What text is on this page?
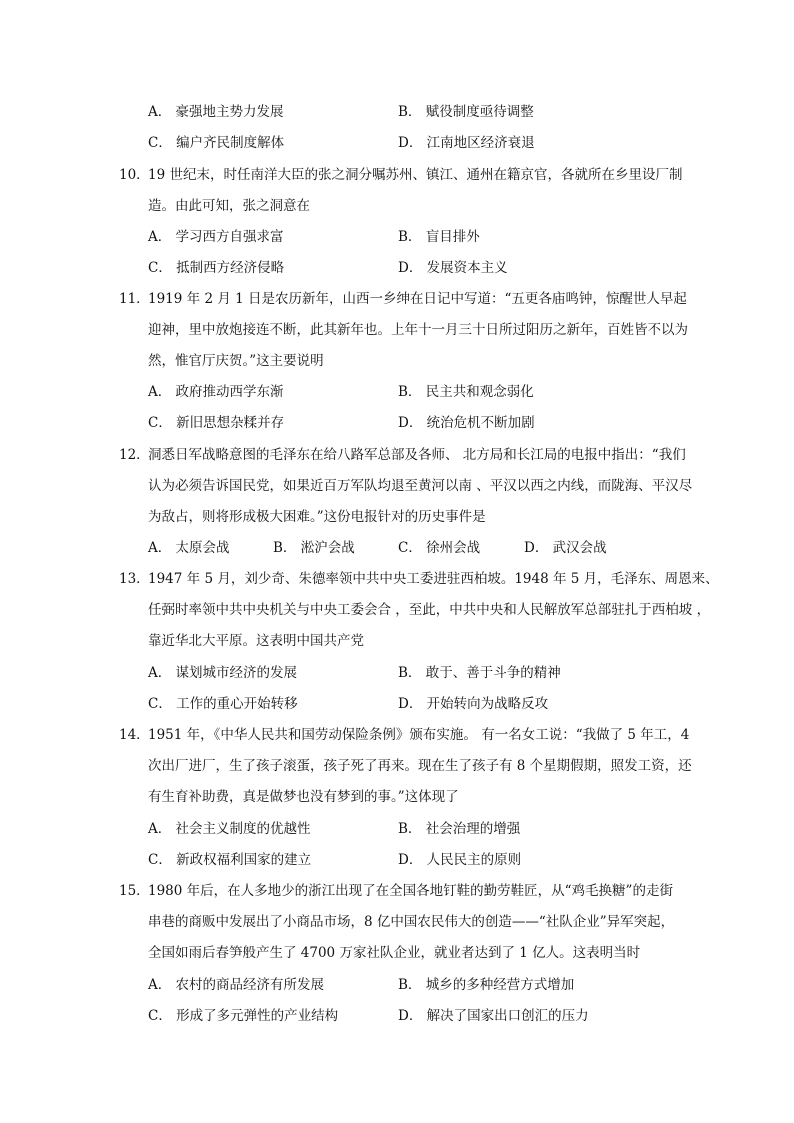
A． 豪强地主势力发展	B． 赋役制度亟待调整
C． 编户齐民制度解体	D． 江南地区经济衰退
10．
19 世纪末，时任南洋大臣的张之洞分嘱苏州、镇江、通州在籍京官，各就所在乡里设厂制
造。由此可知，张之洞意在
A． 学习西方自强求富	B． 盲目排外
C． 抵制西方经济侵略	D． 发展资本主义
11．
1919 年 2 月 1 日是农历新年，山西一乡绅在日记中写道：“五更各庙鸣钟，惊醒世人早起
迎神，里中放炮接连不断，此其新年也。上年十一月三十日所过阳历之新年，百姓皆不以为
然，惟官厅庆贺。”这主要说明
A． 政府推动西学东渐	B． 民主共和观念弱化
C． 新旧思想杂糅并存	D． 统治危机不断加剧
12．
洞悉日军战略意图的毛泽东在给八路军总部及各师、 北方局和长江局的电报中指出：“我们
认为必须告诉国民党，如果近百万军队均退至黄河以南 、平汉以西之内线，而陇海、平汉尽
为敌占，则将形成极大困难。”这份电报针对的历史事件是
A． 太原会战	B． 淞沪会战	C． 徐州会战	D． 武汉会战
13．
1947 年 5 月，刘少奇、朱德率领中共中央工委进驻西柏坡。1948 年 5 月，毛泽东、周恩来、
任弼时率领中共中央机关与中央工委会合 ，至此，中共中央和人民解放军总部驻扎于西柏坡 ，
靠近华北大平原。这表明中国共产党
A． 谋划城市经济的发展	B． 敢于、善于斗争的精神
C． 工作的重心开始转移	D． 开始转向为战略反攻
14．
1951 年，《中华人民共和国劳动保险条例》颁布实施。 有一名女工说：“我做了 5 年工，4
次出厂进厂，生了孩子滚蛋，孩子死了再来。现在生了孩子有 8 个星期假期，照发工资，还
有生育补助费，真是做梦也没有梦到的事。”这体现了
A． 社会主义制度的优越性	B． 社会治理的增强
C． 新政权福利国家的建立	D． 人民民主的原则
15．
1980 年后，在人多地少的浙江出现了在全国各地钉鞋的勤劳鞋匠，从“鸡毛换糖”的走街
串巷的商贩中发展出了小商品市场，8 亿中国农民伟大的创造——“社队企业”异军突起，
全国如雨后春笋般产生了 4700 万家社队企业，就业者达到了 1 亿人。这表明当时
A． 农村的商品经济有所发展	B． 城乡的多种经营方式增加
C． 形成了多元弹性的产业结构	D． 解决了国家出口创汇的压力
